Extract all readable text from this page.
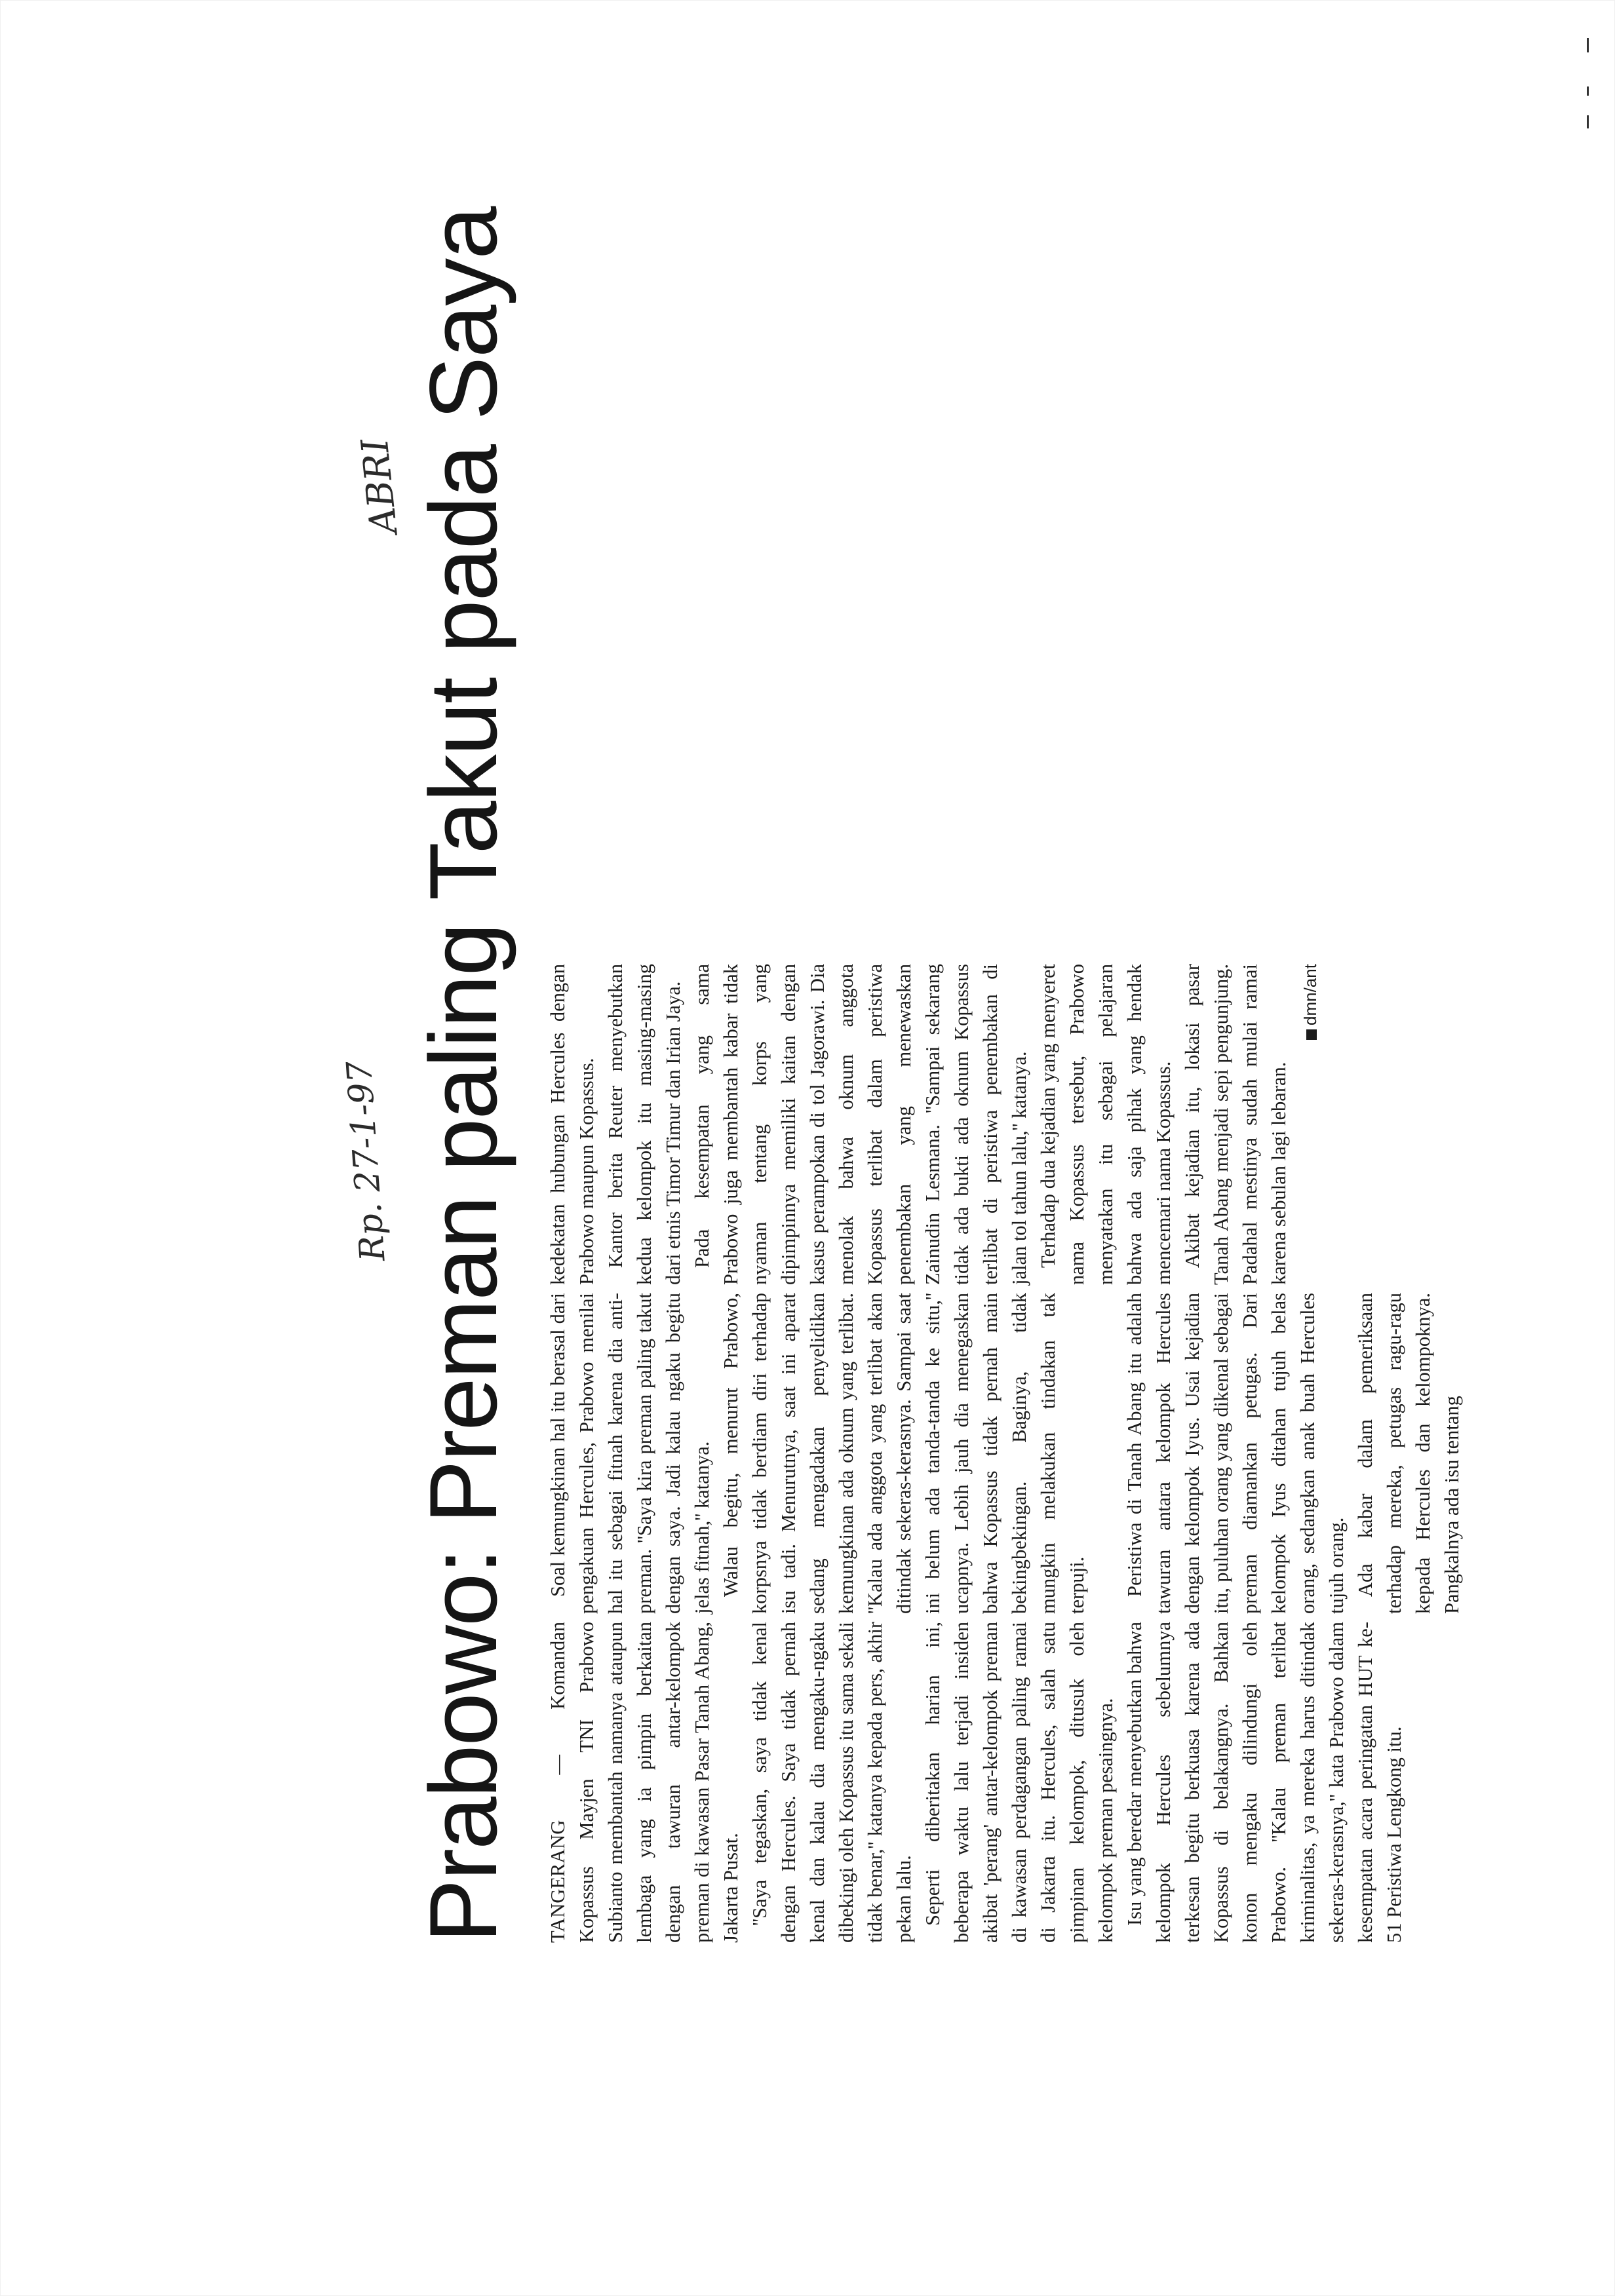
Rp. 27-1-97
ABRI Prabowo: Preman paling Takut pada Saya	TANGERANG — Komandan Kopassus Mayjen TNI Prabowo Subianto membantah namanya ataupun lembaga yang ia pimpin berkaitan dengan tawuran antar-kelompok preman di kawasan Pasar Tanah Abang, Jakarta Pusat. ''Saya tegaskan, saya tidak kenal dengan Hercules. Saya tidak pernah kenal dan kalau dia mengaku-ngaku dibekingi oleh Kopassus itu sama sekali tidak benar,'' katanya kepada pers, akhir pekan lalu. Seperti diberitakan harian ini, beberapa waktu lalu terjadi insiden akibat 'perang' antar-kelompok preman di kawasan perdagangan paling ramai di Jakarta itu. Hercules, salah satu pimpinan kelompok, ditusuk oleh kelompok preman pesaingnya. Isu yang beredar menyebutkan bahwa kelompok Hercules sebelumnya terkesan begitu berkuasa karena ada Kopassus di belakangnya. Bahkan konon mengaku dilindungi oleh Prabowo. ''Kalau preman terlibat kriminalitas, ya mereka harus ditindak sekeras-kerasnya,'' kata Prabowo dalam kesempatan acara peringatan HUT ke-51 Peristiwa Lengkong itu.

Soal kemungkinan hal itu berasal dari pengakuan Hercules, Prabowo menilai hal itu sebagai fitnah karena dia anti-preman. ''Saya kira preman paling takut dengan saya. Jadi kalau ngaku begitu jelas fitnah,'' katanya. Walau begitu, menurut Prabowo, korpsnya tidak berdiam diri terhadap isu tadi. Menurutnya, saat ini aparat sedang mengadakan penyelidikan kemungkinan ada oknum yang terlibat. ''Kalau ada anggota yang terlibat akan ditindak sekeras-kerasnya. Sampai saat ini belum ada tanda-tanda ke situ,'' ucapnya. Lebih jauh dia menegaskan bahwa Kopassus tidak pernah main bekingbekingan. Baginya, tidak mungkin melakukan tindakan tak terpuji. Peristiwa di Tanah Abang itu adalah tawuran antara kelompok Hercules dengan kelompok Iyus. Usai kejadian itu, puluhan orang yang dikenal sebagai preman diamankan petugas. Dari kelompok Iyus ditahan tujuh belas orang, sedangkan anak buah Hercules tujuh orang. Ada kabar dalam pemeriksaan terhadap mereka, petugas ragu-ragu kepada Hercules dan kelompoknya. Pangkalnya ada isu tentang

kedekatan hubungan Hercules dengan Prabowo maupun Kopassus. Kantor berita Reuter menyebutkan kedua kelompok itu masing-masing dari etnis Timor Timur dan Irian Jaya. Pada kesempatan yang sama Prabowo juga membantah kabar tidak nyaman tentang korps yang dipimpinnya memiliki kaitan dengan kasus perampokan di tol Jagorawi. Dia menolak bahwa oknum anggota Kopassus terlibat dalam peristiwa penembakan yang menewaskan Zainudin Lesmana. ''Sampai sekarang tidak ada bukti ada oknum Kopassus terlibat di peristiwa penembakan di jalan tol tahun lalu,'' katanya. Terhadap dua kejadian yang menyeret nama Kopassus tersebut, Prabowo menyatakan itu sebagai pelajaran bahwa ada saja pihak yang hendak mencemari nama Kopassus. Akibat kejadian itu, lokasi pasar Tanah Abang menjadi sepi pengunjung. Padahal mestinya sudah mulai ramai karena sebulan lagi lebaran.

dmn/ant
